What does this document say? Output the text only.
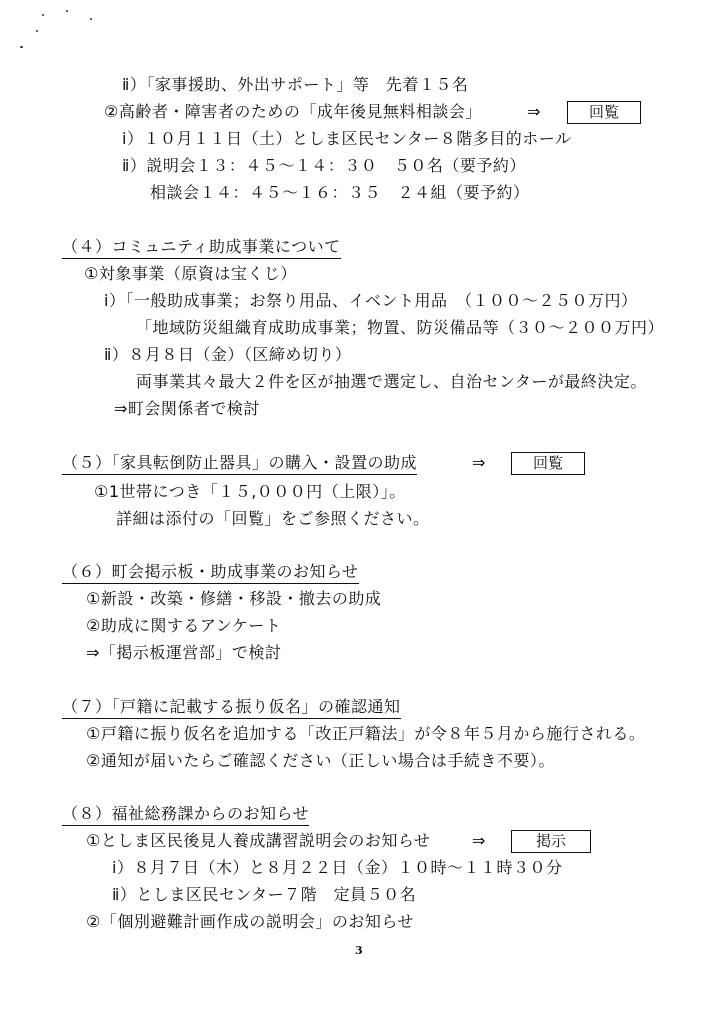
ⅱ）「家事援助、外出サポート」等　先着１５名
②高齢者・障害者のための「成年後見無料相談会」	⇒	回覧
ⅰ）１０月１１日（土）としま区民センター８階多目的ホール
ⅱ）説明会１３：４５～１４：３０　５０名（要予約）
相談会１４：４５～１６：３５　２４組（要予約）
（４）コミュニティ助成事業について
①対象事業（原資は宝くじ）
ⅰ）「一般助成事業；お祭り用品、イベント用品　（１００～２５０万円）
「地域防災組織育成助成事業；物置、防災備品等（３０～２００万円）
ⅱ）８月８日（金）（区締め切り）
両事業其々最大２件を区が抽選で選定し、自治センターが最終決定。
⇒町会関係者で検討
（５）「家具転倒防止器具」の購入・設置の助成	⇒	回覧
①1世帯につき「１５,０００円（上限）」。
詳細は添付の「回覧」をご参照ください。
（６）町会掲示板・助成事業のお知らせ
①新設・改築・修繕・移設・撤去の助成
②助成に関するアンケート
⇒「掲示板運営部」で検討
（７）「戸籍に記載する振り仮名」の確認通知
①戸籍に振り仮名を追加する「改正戸籍法」が令８年５月から施行される。
②通知が届いたらご確認ください（正しい場合は手続き不要）。
（８）福祉総務課からのお知らせ
①としま区民後見人養成講習説明会のお知らせ	⇒	掲示
ⅰ）８月７日（木）と８月２２日（金）１０時～１１時３０分
ⅱ）としま区民センター７階　定員５０名
②「個別避難計画作成の説明会」のお知らせ
3
